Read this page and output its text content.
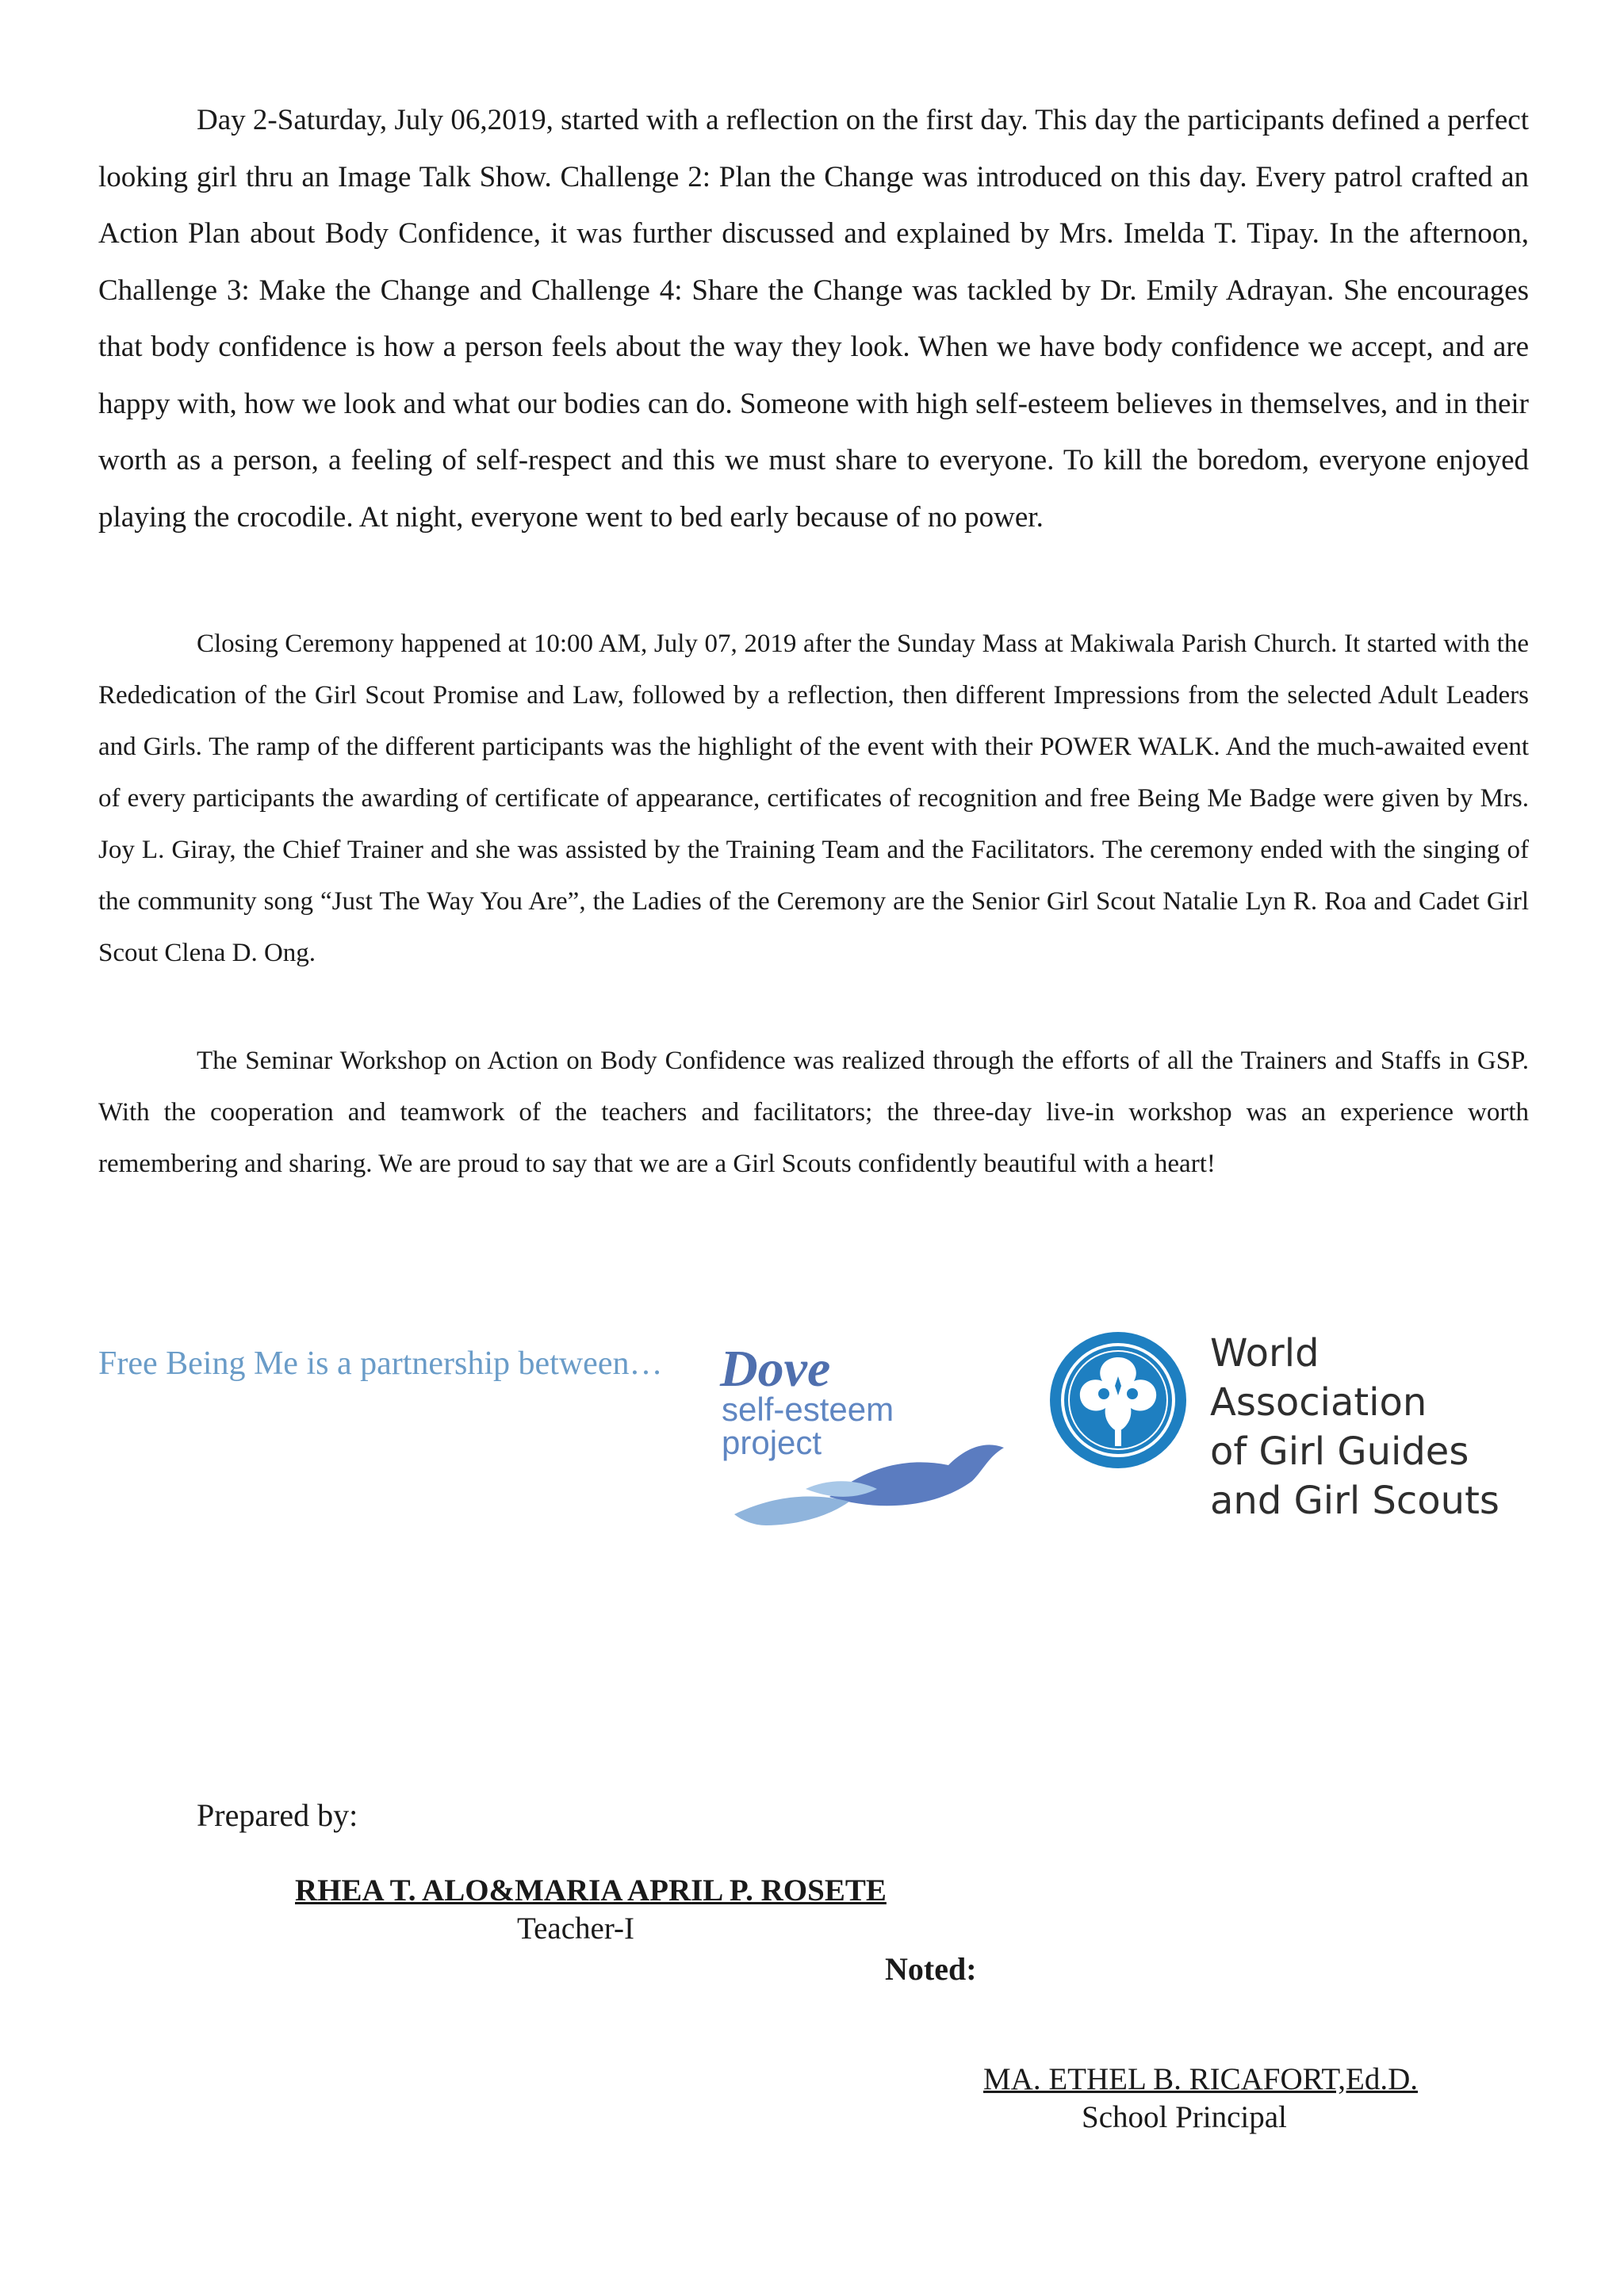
Day 2-Saturday, July 06,2019, started with a reflection on the first day. This day the participants defined a perfect looking girl thru an Image Talk Show. Challenge 2: Plan the Change was introduced on this day. Every patrol crafted an Action Plan about Body Confidence, it was further discussed and explained by Mrs. Imelda T. Tipay. In the afternoon, Challenge 3: Make the Change and Challenge 4: Share the Change was tackled by Dr. Emily Adrayan. She encourages that body confidence is how a person feels about the way they look. When we have body confidence we accept, and are happy with, how we look and what our bodies can do. Someone with high self-esteem believes in themselves, and in their worth as a person, a feeling of self-respect and this we must share to everyone. To kill the boredom, everyone enjoyed playing the crocodile. At night, everyone went to bed early because of no power.

Closing Ceremony happened at 10:00 AM, July 07, 2019 after the Sunday Mass at Makiwala Parish Church. It started with the Rededication of the Girl Scout Promise and Law, followed by a reflection, then different Impressions from the selected Adult Leaders and Girls. The ramp of the different participants was the highlight of the event with their POWER WALK. And the much-awaited event of every participants the awarding of certificate of appearance, certificates of recognition and free Being Me Badge were given by Mrs. Joy L. Giray, the Chief Trainer and she was assisted by the Training Team and the Facilitators. The ceremony ended with the singing of the community song “Just The Way You Are”, the Ladies of the Ceremony are the Senior Girl Scout Natalie Lyn R. Roa and Cadet Girl Scout Clena D. Ong.

The Seminar Workshop on Action on Body Confidence was realized through the efforts of all the Trainers and Staffs in GSP. With the cooperation and teamwork of the teachers and facilitators; the three-day live-in workshop was an experience worth remembering and sharing. We are proud to say that we are a Girl Scouts confidently beautiful with a heart!

Free Being Me is a partnership between… Dove
self-esteem
project

World Association
of Girl Guides
and Girl Scouts

Prepared by:

RHEA T. ALO&MARIA APRIL P. ROSETE

Teacher-I

Noted:

MA. ETHEL B. RICAFORT,Ed.D.

School Principal
